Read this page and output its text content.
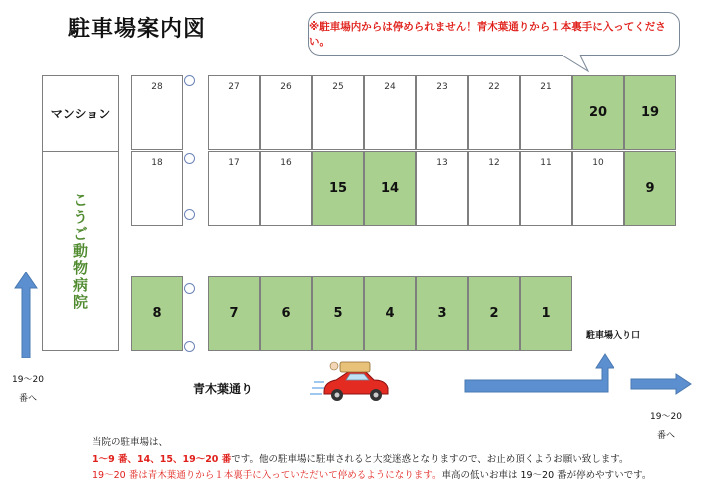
駐車場案内図	※駐車場内からは停められません！青木葉通りから１本裏手に入ってください。
マンション
こうご動物病院
28	27	26	25	24	23	22	21
20	19
18	17	16
15	14
13	12	11	10
9
8	7	6	5	4	3	2	1
19～20
番へ
19～20
番へ
駐車場入り口
青木葉通り
当院の駐車場は、
1～9 番、14、15、19～20 番です。他の駐車場に駐車されると大変迷惑となりますので、お止め頂くようお願い致します。
19～20 番は青木葉通りから１本裏手に入っていただいて停めるようになります。車高の低いお車は 19～20 番が停めやすいです。
